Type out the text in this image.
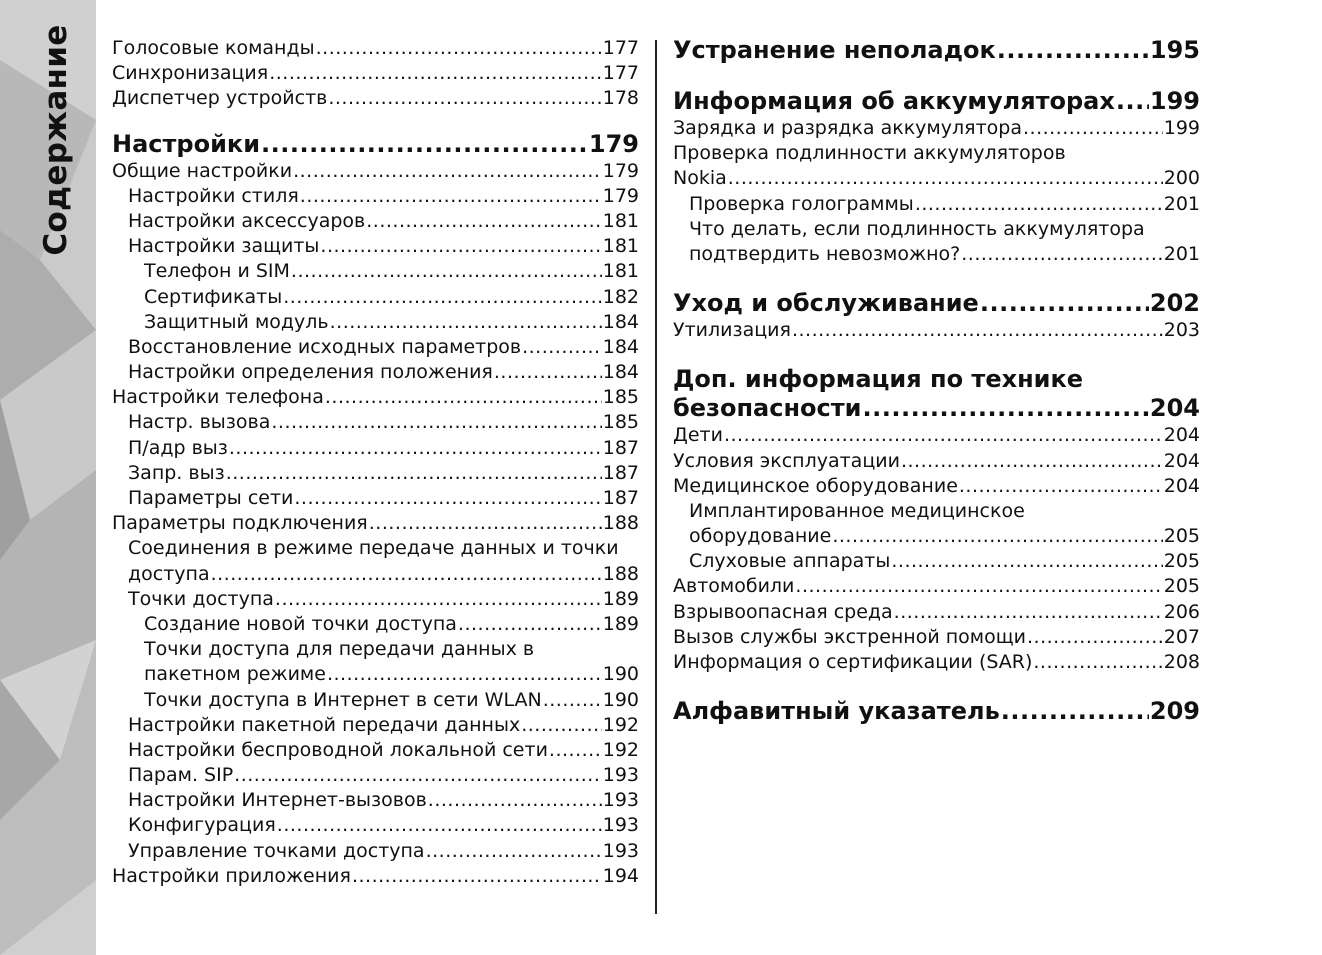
Содержание Голосовые команды .....	177
Синхронизация .....	177
Диспетчер устройств .....	178
Настройки .....	179
Общие настройки .....	179
Настройки стиля .....	179
Настройки аксессуаров .....	181
Настройки защиты .....	181
Телефон и SIM .....	181
Сертификаты .....	182
Защитный модуль .....	184
Восстановление исходных параметров .....	184
Настройки определения положения .....	184
Настройки телефона .....	185
Настр. вызова .....	185
П/адр выз .....	187
Запр. выз .....	187
Параметры сети .....	187
Параметры подключения .....	188
Соединения в режиме передаче данных и точки
доступа .....	188
Точки доступа .....	189
Создание новой точки доступа .....	189
Точки доступа для передачи данных в
пакетном режиме .....	190
Точки доступа в Интернет в сети WLAN .....	190
Настройки пакетной передачи данных .....	192
Настройки беспроводной локальной сети .....	192
Парам. SIP .....	193
Настройки Интернет-вызовов .....	193
Конфигурация .....	193
Управление точками доступа .....	193
Настройки приложения .....	194
Устранение неполадок .....	195
Информация об аккумуляторах ..... 199
Зарядка и разрядка аккумулятора .....	199
Проверка подлинности аккумуляторов
Nokia .....	200
Проверка голограммы .....	201
Что делать, если подлинность аккумулятора
подтвердить невозможно? .....	201
Уход и обслуживание .....	202
Утилизация .....	203
Доп. информация по технике
безопасности .....	204
Дети .....	204
Условия эксплуатации .....	204
Медицинское оборудование .....	204
Имплантированное медицинское
оборудование .....	205
Слуховые аппараты .....	205
Автомобили .....	205
Взрывоопасная среда .....	206
Вызов службы экстренной помощи .....	207
Информация о сертификации (SAR) .....	208
Алфавитный указатель .....	209
